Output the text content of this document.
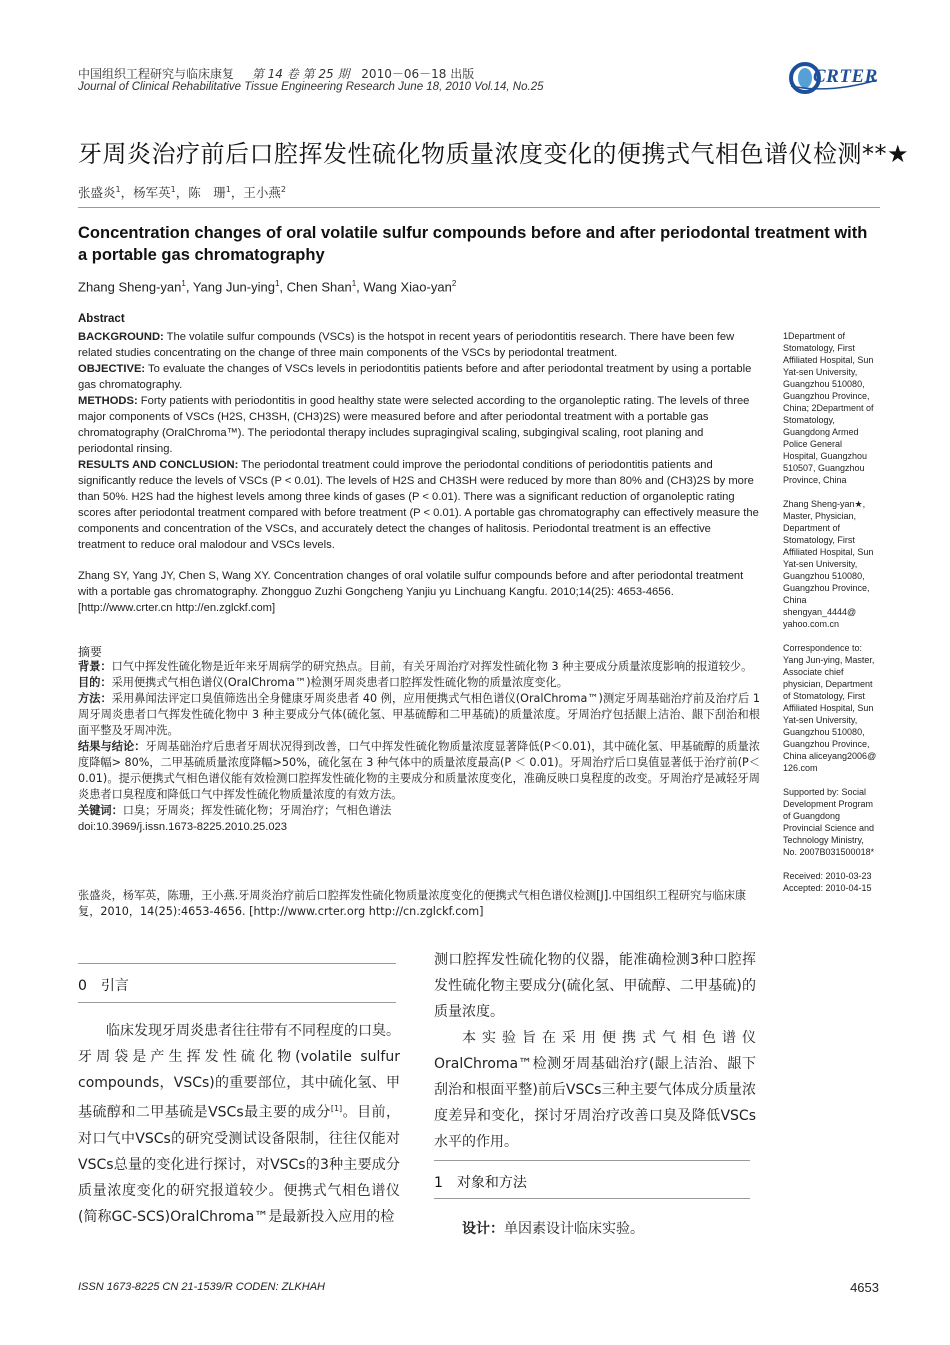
中国组织工程研究与临床康复 第 14 卷 第 25 期 2010－06－18 出版
Journal of Clinical Rehabilitative Tissue Engineering Research June 18, 2010 Vol.14, No.25	CRTER
牙周炎治疗前后口腔挥发性硫化物质量浓度变化的便携式气相色谱仪检测**★
张盛炎$^1$，杨军英$^1$，陈　珊$^1$，王小燕$^2$
Concentration changes of oral volatile sulfur compounds before and after periodontal treatment with a portable gas chromatography
Zhang Sheng-yan$^1$, Yang Jun-ying$^1$, Chen Shan$^1$, Wang Xiao-yan$^2$
Abstract

BACKGROUND: The volatile sulfur compounds (VSCs) is the hotspot in recent years of periodontitis research. There have been few related studies concentrating on the change of three main components of the VSCs by periodontal treatment.

OBJECTIVE: To evaluate the changes of VSCs levels in periodontitis patients before and after periodontal treatment by using a portable gas chromatography.

METHODS: Forty patients with periodontitis in good healthy state were selected according to the organoleptic rating. The levels of three major components of VSCs (H2S, CH3SH, (CH3)2S) were measured before and after periodontal treatment with a portable gas chromatography (OralChroma™). The periodontal therapy includes supragingival scaling, subgingival scaling, root planing and periodontal rinsing.

RESULTS AND CONCLUSION: The periodontal treatment could improve the periodontal conditions of periodontitis patients and significantly reduce the levels of VSCs (P < 0.01). The levels of H2S and CH3SH were reduced by more than 80% and (CH3)2S by more than 50%. H2S had the highest levels among three kinds of gases (P < 0.01). There was a significant reduction of organoleptic rating scores after periodontal treatment compared with before treatment (P < 0.01). A portable gas chromatography can effectively measure the components and concentration of the VSCs, and accurately detect the changes of halitosis. Periodontal treatment is an effective treatment to reduce oral malodour and VSCs levels.

Zhang SY, Yang JY, Chen S, Wang XY. Concentration changes of oral volatile sulfur compounds before and after periodontal treatment with a portable gas chromatography. Zhongguo Zuzhi Gongcheng Yanjiu yu Linchuang Kangfu. 2010;14(25): 4653-4656. [http://www.crter.cn http://en.zglckf.com]
摘要

背景：口气中挥发性硫化物是近年来牙周病学的研究热点。目前，有关牙周治疗对挥发性硫化物 3 种主要成分质量浓度影响的报道较少。

目的：采用便携式气相色谱仪(OralChroma™)检测牙周炎患者口腔挥发性硫化物的质量浓度变化。

方法：采用鼻闻法评定口臭值筛选出全身健康牙周炎患者 40 例，应用便携式气相色谱仪(OralChroma™)测定牙周基础治疗前及治疗后 1 周牙周炎患者口气挥发性硫化物中 3 种主要成分气体(硫化氢、甲基硫醇和二甲基硫)的质量浓度。牙周治疗包括龈上洁治、龈下刮治和根面平整及牙周冲洗。

结果与结论：牙周基础治疗后患者牙周状况得到改善，口气中挥发性硫化物质量浓度显著降低(P＜0.01)，其中硫化氢、甲基硫醇的质量浓度降幅> 80%，二甲基硫质量浓度降幅>50%，硫化氢在 3 种气体中的质量浓度最高(P ＜ 0.01)。牙周治疗后口臭值显著低于治疗前(P＜0.01)。提示便携式气相色谱仪能有效检测口腔挥发性硫化物的主要成分和质量浓度变化，准确反映口臭程度的改变。牙周治疗是减轻牙周炎患者口臭程度和降低口气中挥发性硫化物质量浓度的有效方法。

关键词：口臭；牙周炎；挥发性硫化物；牙周治疗；气相色谱法

doi:10.3969/j.issn.1673-8225.2010.25.023

张盛炎，杨军英，陈珊，王小燕.牙周炎治疗前后口腔挥发性硫化物质量浓度变化的便携式气相色谱仪检测[J].中国组织工程研究与临床康复，2010，14(25):4653-4656. [http://www.crter.org http://cn.zglckf.com]

1Department of Stomatology, First Affiliated Hospital, Sun Yat-sen University, Guangzhou 510080, Guangzhou Province, China; 2Department of Stomatology, Guangdong Armed Police General Hospital, Guangzhou 510507, Guangzhou Province, China

Zhang Sheng-yan★, Master, Physician, Department of Stomatology, First Affiliated Hospital, Sun Yat-sen University, Guangzhou 510080, Guangzhou Province, China shengyan_4444@ yahoo.com.cn

Correspondence to: Yang Jun-ying, Master, Associate chief physician, Department of Stomatology, First Affiliated Hospital, Sun Yat-sen University, Guangzhou 510080, Guangzhou Province, China aliceyang2006@ 126.com

Supported by: Social Development Program of Guangdong Provincial Science and Technology Ministry, No. 2007B031500018*

Received: 2010-03-23
Accepted: 2010-04-15
0　引言

临床发现牙周炎患者往往带有不同程度的口臭。牙周袋是产生挥发性硫化物(volatile sulfur compounds，VSCs)的重要部位，其中硫化氢、甲基硫醇和二甲基硫是VSCs最主要的成分[1]。目前，对口气中VSCs的研究受测试设备限制，往往仅能对VSCs总量的变化进行探讨，对VSCs的3种主要成分质量浓度变化的研究报道较少。便携式气相色谱仪(简称GC-SCS)OralChroma™是最新投入应用的检

测口腔挥发性硫化物的仪器，能准确检测3种口腔挥发性硫化物主要成分(硫化氢、甲硫醇、二甲基硫)的质量浓度。

本实验旨在采用便携式气相色谱仪OralChroma™检测牙周基础治疗(龈上洁治、龈下刮治和根面平整)前后VSCs三种主要气体成分质量浓度差异和变化，探讨牙周治疗改善口臭及降低VSCs水平的作用。

1　对象和方法

设计：单因素设计临床实验。

ISSN 1673-8225 CN 21-1539/R CODEN: ZLKHAH	4653
